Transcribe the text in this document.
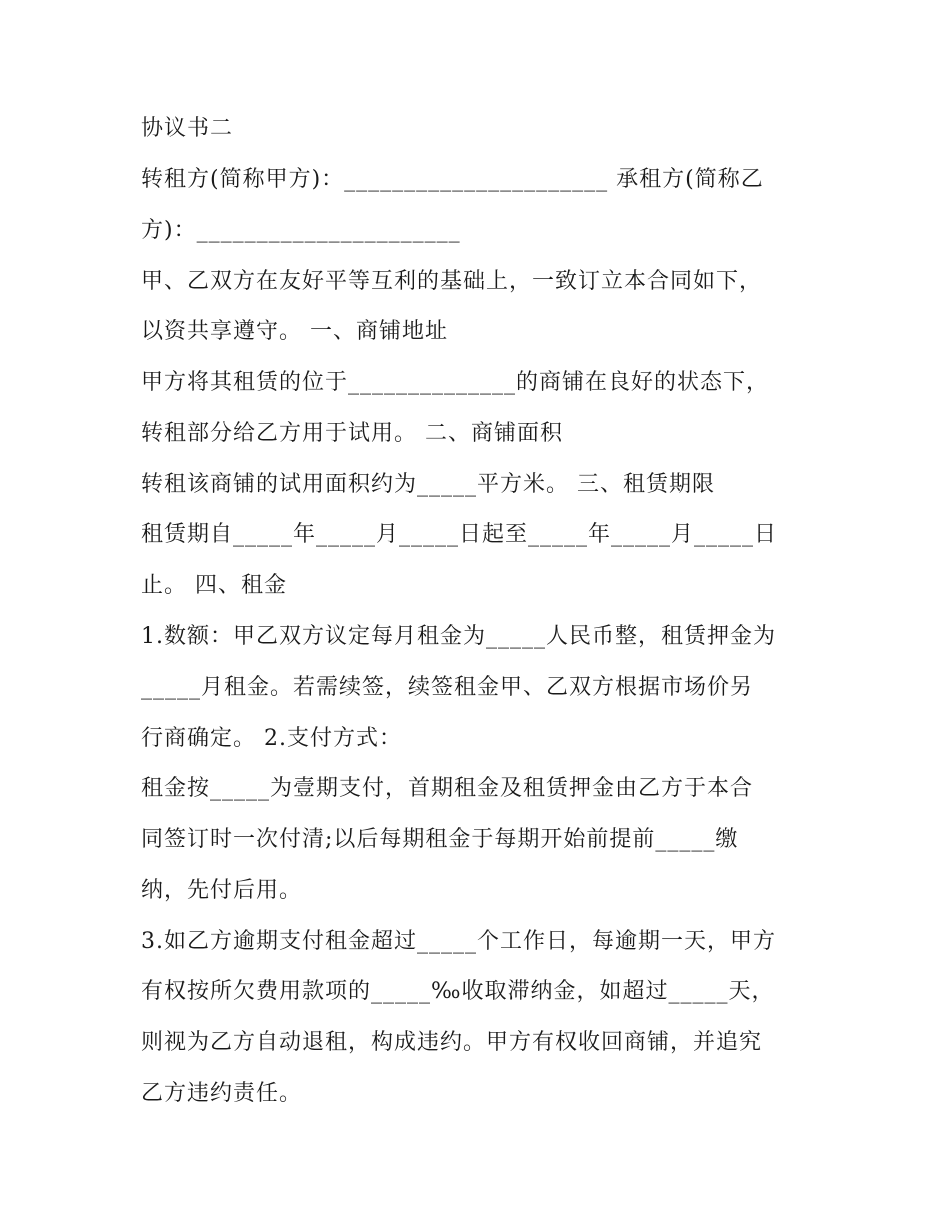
协议书二
转租方(简称甲方)：______________________ 承租方(简称乙
方)：______________________
甲、乙双方在友好平等互利的基础上，一致订立本合同如下，
以资共享遵守。 一、商铺地址
甲方将其租赁的位于______________的商铺在良好的状态下，
转租部分给乙方用于试用。 二、商铺面积
转租该商铺的试用面积约为_____平方米。 三、租赁期限
租赁期自_____年_____月_____日起至_____年_____月_____日
止。 四、租金
1.数额：甲乙双方议定每月租金为_____人民币整，租赁押金为
_____月租金。若需续签，续签租金甲、乙双方根据市场价另
行商确定。 2.支付方式：
租金按_____为壹期支付，首期租金及租赁押金由乙方于本合
同签订时一次付清;以后每期租金于每期开始前提前_____缴
纳，先付后用。
3.如乙方逾期支付租金超过_____个工作日，每逾期一天，甲方
有权按所欠费用款项的_____‰收取滞纳金，如超过_____天，
则视为乙方自动退租，构成违约。甲方有权收回商铺，并追究
乙方违约责任。
